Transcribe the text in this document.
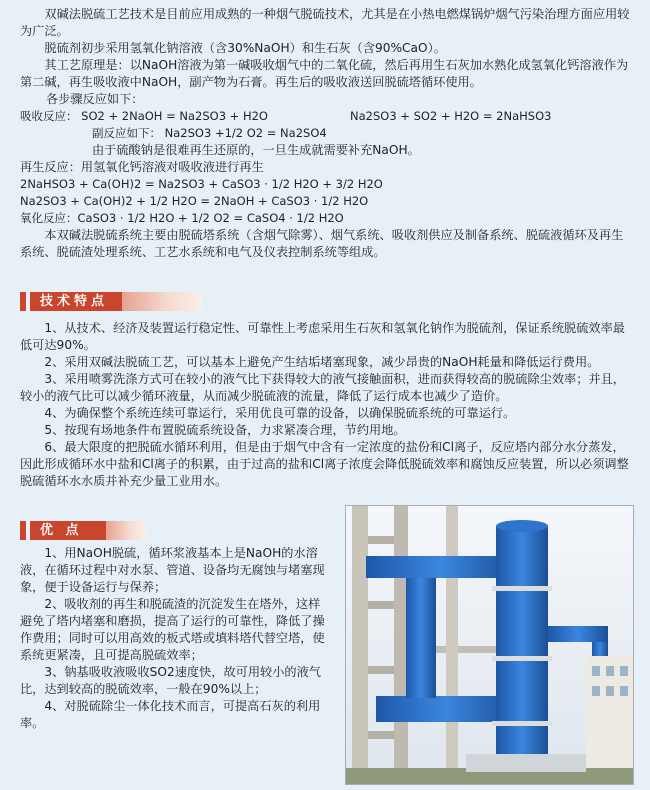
双碱法脱硫工艺技术是目前应用成熟的一种烟气脱硫技术，尤其是在小热电燃煤锅炉烟气污染治理方面应用较为广泛。

脱硫剂初步采用氢氧化钠溶液（含30%NaOH）和生石灰（含90%CaO）。

其工艺原理是：以NaOH溶液为第一碱吸收烟气中的二氧化硫，然后再用生石灰加水熟化成氢氧化钙溶液作为第二碱，再生吸收液中NaOH，副产物为石膏。再生后的吸收液送回脱硫塔循环使用。

各步骤反应如下：

吸收反应： SO2 + 2NaOH = Na2SO3 + H2O	Na2SO3 + SO2 + H2O = 2NaHSO3

副反应如下： Na2SO3 +1/2 O2 = Na2SO4

由于硫酸钠是很难再生还原的，一旦生成就需要补充NaOH。

再生反应：用氢氧化钙溶液对吸收液进行再生

2NaHSO3 + Ca(OH)2 = Na2SO3 + CaSO3 · 1/2 H2O + 3/2 H2O

Na2SO3 + Ca(OH)2 + 1/2 H2O = 2NaOH + CaSO3 · 1/2 H2O

氧化反应：CaSO3 · 1/2 H2O + 1/2 O2 = CaSO4 · 1/2 H2O

本双碱法脱硫系统主要由脱硫塔系统（含烟气除雾）、烟气系统、吸收剂供应及制备系统、脱硫液循环及再生系统、脱硫渣处理系统、工艺水系统和电气及仪表控制系统等组成。

技术特点

1、从技术、经济及装置运行稳定性、可靠性上考虑采用生石灰和氢氧化钠作为脱硫剂，保证系统脱硫效率最低可达90%。

2、采用双碱法脱硫工艺，可以基本上避免产生结垢堵塞现象，减少昂贵的NaOH耗量和降低运行费用。

3、采用喷雾洗涤方式可在较小的液气比下获得较大的液气接触面积，进而获得较高的脱硫除尘效率；并且，较小的液气比可以减少循环液量，从而减少脱硫液的流量，降低了运行成本也减少了造价。

4、为确保整个系统连续可靠运行，采用优良可靠的设备，以确保脱硫系统的可靠运行。

5、按现有场地条件布置脱硫系统设备，力求紧凑合理，节约用地。

6、最大限度的把脱硫水循环利用，但是由于烟气中含有一定浓度的盐份和Cl离子，反应塔内部分水分蒸发，因此形成循环水中盐和Cl离子的积累，由于过高的盐和Cl离子浓度会降低脱硫效率和腐蚀反应装置，所以必须调整脱硫循环水水质并补充少量工业用水。

优 点

1、用NaOH脱硫，循环浆液基本上是NaOH的水溶液，在循环过程中对水泵、管道、设备均无腐蚀与堵塞现象，便于设备运行与保养；

2、吸收剂的再生和脱硫渣的沉淀发生在塔外，这样避免了塔内堵塞和磨损，提高了运行的可靠性，降低了操作费用；同时可以用高效的板式塔或填料塔代替空塔，使系统更紧凑，且可提高脱硫效率；

3、钠基吸收液吸收SO2速度快，故可用较小的液气比，达到较高的脱硫效率，一般在90%以上；

4、对脱硫除尘一体化技术而言，可提高石灰的利用率。
